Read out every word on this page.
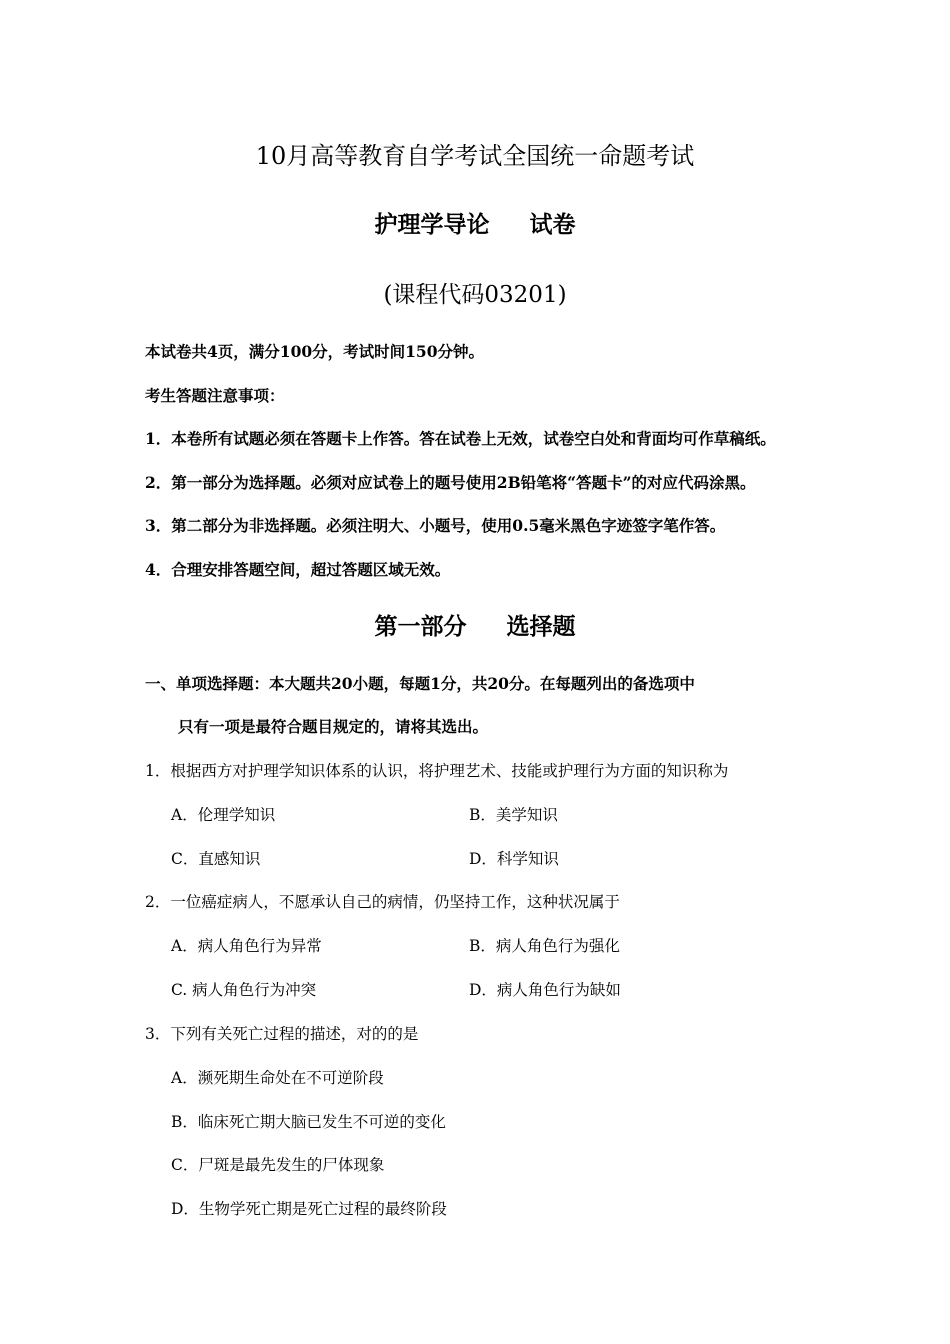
10月高等教育自学考试全国统一命题考试
护理学导论 试卷
(课程代码03201)
本试卷共4页，满分100分，考试时间150分钟。
考生答题注意事项：
1．本卷所有试题必须在答题卡上作答。答在试卷上无效，试卷空白处和背面均可作草稿纸。
2．第一部分为选择题。必须对应试卷上的题号使用2B铅笔将“答题卡”的对应代码涂黑。
3．第二部分为非选择题。必须注明大、小题号，使用0.5毫米黑色字迹签字笔作答。
4．合理安排答题空间，超过答题区域无效。
第一部分 选择题
一、单项选择题：本大题共20小题，每题1分，共20分。在每题列出的备选项中
只有一项是最符合题目规定的，请将其选出。
1．根据西方对护理学知识体系的认识，将护理艺术、技能或护理行为方面的知识称为
A．伦理学知识	B．美学知识
C．直感知识	D．科学知识
2．一位癌症病人，不愿承认自己的病情，仍坚持工作，这种状况属于
A．病人角色行为异常	B．病人角色行为强化
C. 病人角色行为冲突	D．病人角色行为缺如
3．下列有关死亡过程的描述，对的的是
A．濒死期生命处在不可逆阶段
B．临床死亡期大脑已发生不可逆的变化
C．尸斑是最先发生的尸体现象
D．生物学死亡期是死亡过程的最终阶段
